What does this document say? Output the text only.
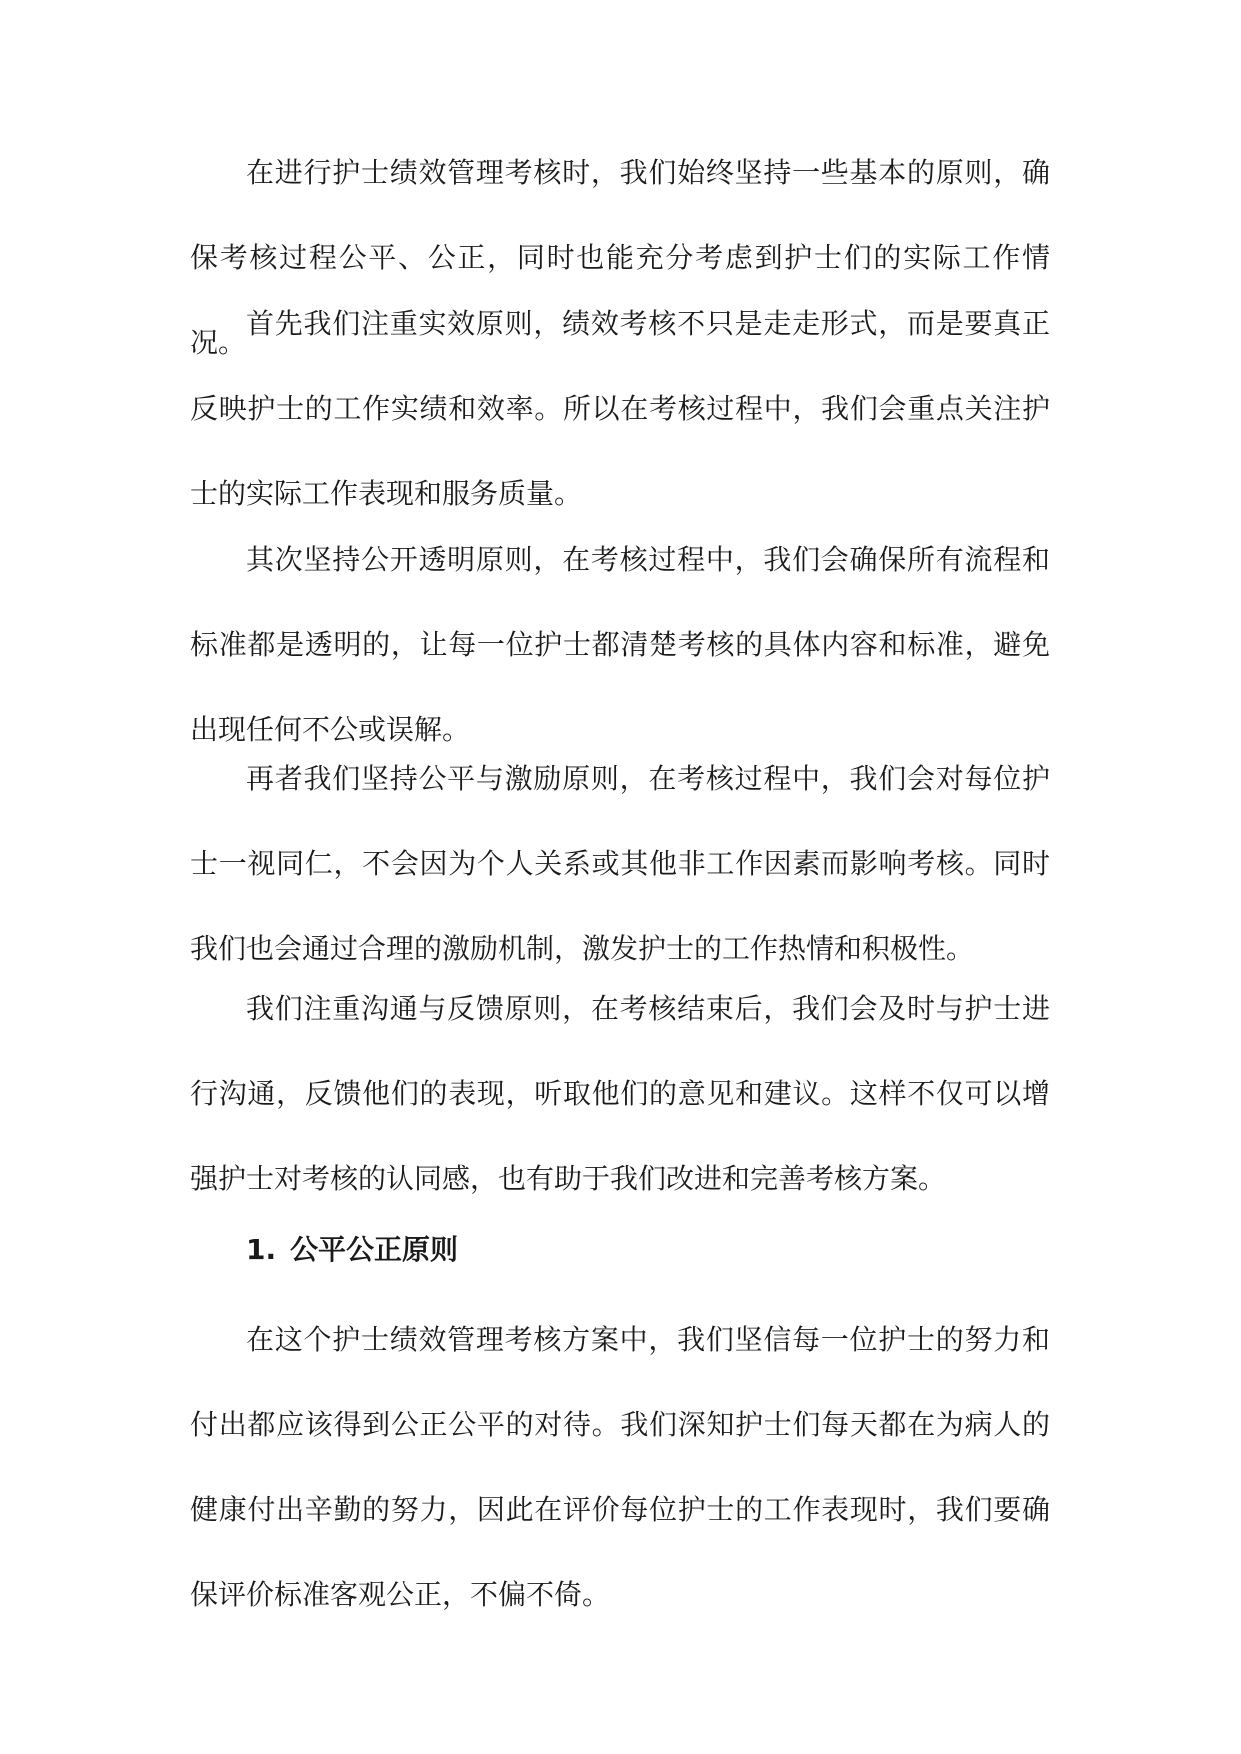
在进行护士绩效管理考核时，我们始终坚持一些基本的原则，确保考核过程公平、公正，同时也能充分考虑到护士们的实际工作情况。

首先我们注重实效原则，绩效考核不只是走走形式，而是要真正反映护士的工作实绩和效率。所以在考核过程中，我们会重点关注护士的实际工作表现和服务质量。

其次坚持公开透明原则，在考核过程中，我们会确保所有流程和标准都是透明的，让每一位护士都清楚考核的具体内容和标准，避免出现任何不公或误解。

再者我们坚持公平与激励原则，在考核过程中，我们会对每位护士一视同仁，不会因为个人关系或其他非工作因素而影响考核。同时我们也会通过合理的激励机制，激发护士的工作热情和积极性。

我们注重沟通与反馈原则，在考核结束后，我们会及时与护士进行沟通，反馈他们的表现，听取他们的意见和建议。这样不仅可以增强护士对考核的认同感，也有助于我们改进和完善考核方案。

1. 公平公正原则

在这个护士绩效管理考核方案中，我们坚信每一位护士的努力和付出都应该得到公正公平的对待。我们深知护士们每天都在为病人的健康付出辛勤的努力，因此在评价每位护士的工作表现时，我们要确保评价标准客观公正，不偏不倚。
